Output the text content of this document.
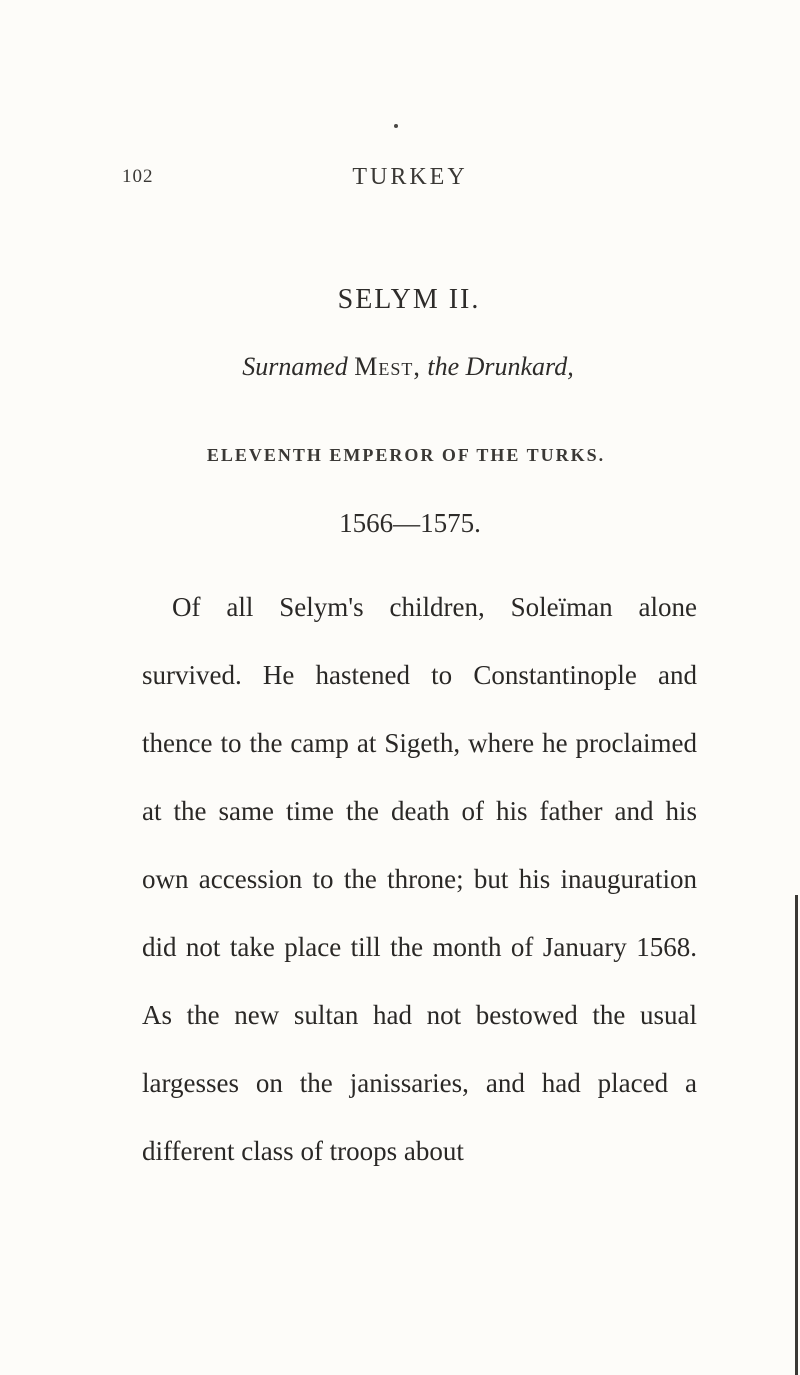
102	TURKEY
SELYM II.
Surnamed Mest, the Drunkard,
ELEVENTH EMPEROR OF THE TURKS.
1566—1575.
Of all Selym's children, Soleïman alone survived. He hastened to Constantinople and thence to the camp at Sigeth, where he proclaimed at the same time the death of his father and his own accession to the throne; but his inauguration did not take place till the month of January 1568. As the new sultan had not bestowed the usual largesses on the janissaries, and had placed a different class of troops about
